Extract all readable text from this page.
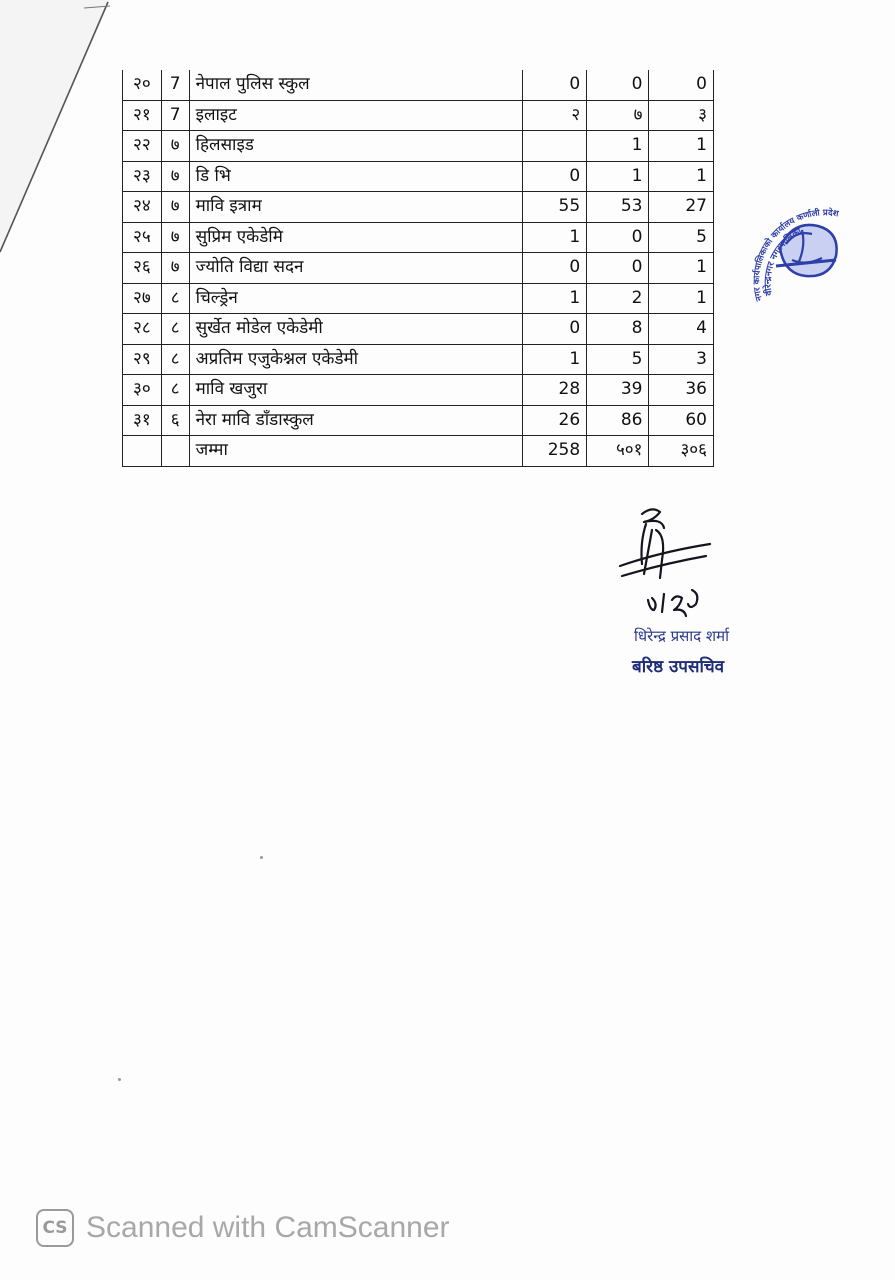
२०	7	नेपाल पुलिस स्कुल	0	0	0
२१	7	इलाइट	२	७	३
२२	७	हिलसाइड		1	1
२३	७	डि भि	0	1	1
२४	७	मावि इत्राम	55	53	27
२५	७	सुप्रिम एकेडेमि	1	0	5
२६	७	ज्योति विद्या सदन	0	0	1
२७	८	चिल्ड्रेन	1	2	1
२८	८	सुर्खेत मोडेल एकेडेमी	0	8	4
२९	८	अप्रतिम एजुकेश्नल एकेडेमी	1	5	3
३०	८	मावि खजुरा	28	39	36
३१	६	नेरा मावि डाँडास्कुल	26	86	60
		जम्मा	258	५०१	३०६
वीरेन्द्रनगर नगरपालिका
नगर कार्यपालिकाको कार्यालय कर्णाली प्रदेश
धिरेन्द्र प्रसाद शर्मा
बरिष्ठ उपसचिव
CS Scanned with CamScanner
